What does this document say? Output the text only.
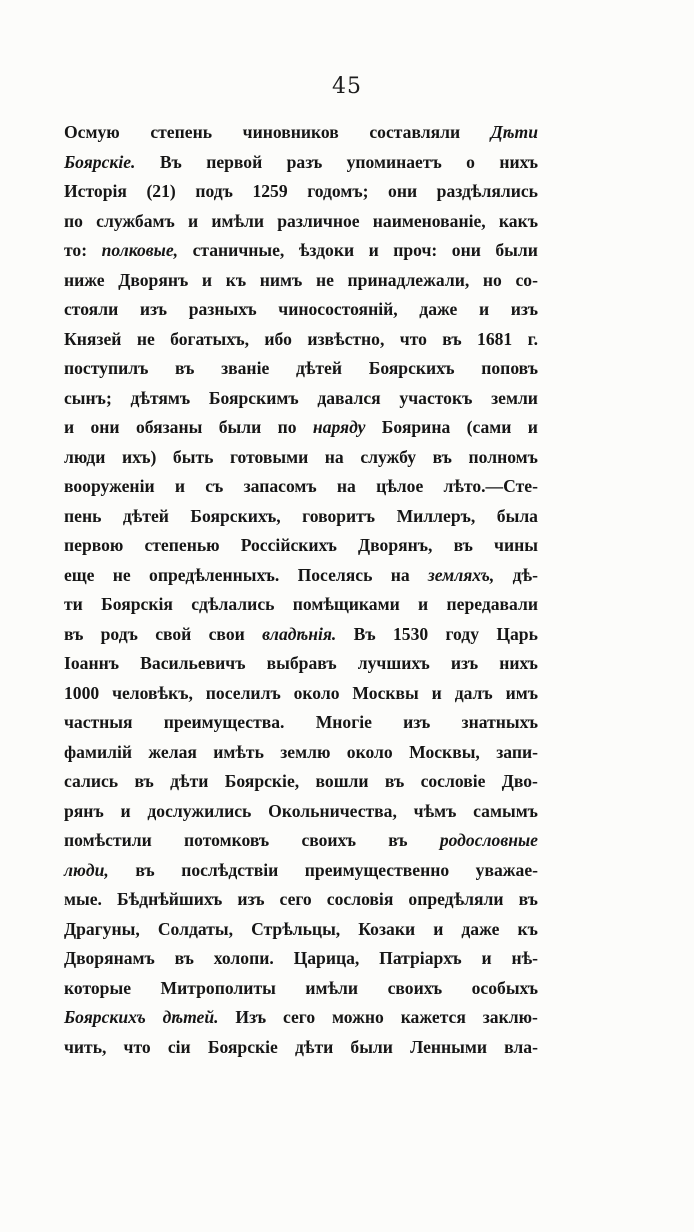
45
Осмую степень чиновников составляли Дѣти
Боярскіе. Въ первой разъ упоминаетъ о нихъ
Исторія (21) подъ 1259 годомъ; они раздѣлялись
по службамъ и имѣли различное наименованіе, какъ
то: полковые, станичные, ѣздоки и проч: они были
ниже Дворянъ и къ нимъ не принадлежали, но со-
стояли изъ разныхъ чиносостояній, даже и изъ
Князей не богатыхъ, ибо извѣстно, что въ 1681 г.
поступилъ въ званіе дѣтей Боярскихъ поповъ
сынъ; дѣтямъ Боярскимъ давался участокъ земли
и они обязаны были по наряду Боярина (сами и
люди ихъ) быть готовыми на службу въ полномъ
вооруженіи и съ запасомъ на цѣлое лѣто.—Сте-
пень дѣтей Боярскихъ, говоритъ Миллеръ, была
первою степенью Россійскихъ Дворянъ, въ чины
еще не опредѣленныхъ. Поселясь на земляхъ, дѣ-
ти Боярскія сдѣлались помѣщиками и передавали
въ родъ свой свои владѣнія. Въ 1530 году Царь
Іоаннъ Васильевичъ выбравъ лучшихъ изъ нихъ
1000 человѣкъ, поселилъ около Москвы и далъ имъ
частныя преимущества. Многіе изъ знатныхъ
фамилій желая имѣть землю около Москвы, запи-
сались въ дѣти Боярскіе, вошли въ сословіе Дво-
рянъ и дослужились Окольничества, чѣмъ самымъ
помѣстили потомковъ своихъ въ родословные
люди, въ послѣдствіи преимущественно уважае-
мые. Бѣднѣйшихъ изъ сего сословія опредѣляли въ
Драгуны, Солдаты, Стрѣльцы, Козаки и даже къ
Дворянамъ въ холопи. Царица, Патріархъ и нѣ-
которые Митрополиты имѣли своихъ особыхъ
Боярскихъ дѣтей. Изъ сего можно кажется заклю-
чить, что сіи Боярскіе дѣти были Ленными вла-
